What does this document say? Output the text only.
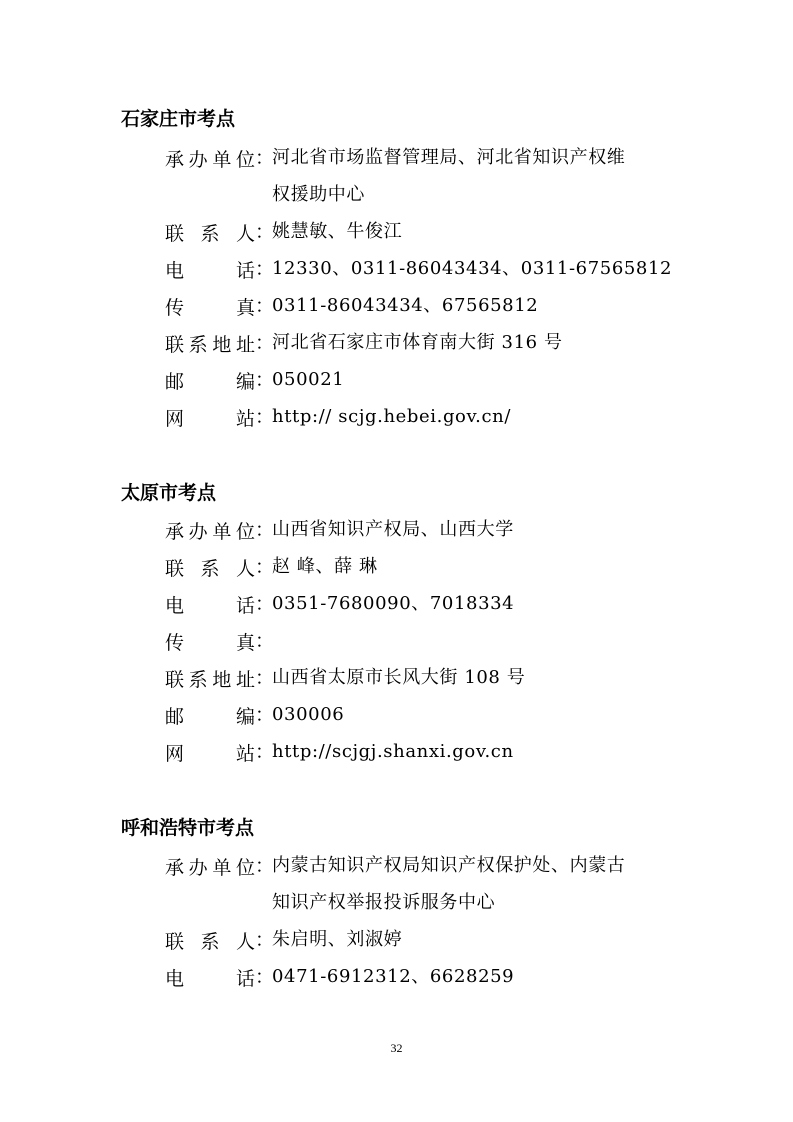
石家庄市考点
承 办 单 位 ：
河北省市场监督管理局、河北省知识产权维
权援助中心
联 系 人 ：
姚慧敏、牛俊江
电	话 ：
12330、0311-86043434、0311-67565812
传	真 ：
0311-86043434、67565812
联 系 地 址 ：
河北省石家庄市体育南大街 316 号
邮	编 ：
050021
网	站 ：
http:// scjg.hebei.gov.cn/
太原市考点
承 办 单 位 ：
山西省知识产权局、山西大学
联 系 人 ：
赵 峰、薛 琳
电	话 ：
0351-7680090、7018334
传	真 ：
联 系 地 址 ：
山西省太原市长风大街 108 号
邮	编 ：
030006
网	站 ：
http://scjgj.shanxi.gov.cn
呼和浩特市考点
承 办 单 位 ：
内蒙古知识产权局知识产权保护处、内蒙古
知识产权举报投诉服务中心
联 系 人 ：
朱启明、刘淑婷
电	话 ：
0471-6912312、6628259
32
